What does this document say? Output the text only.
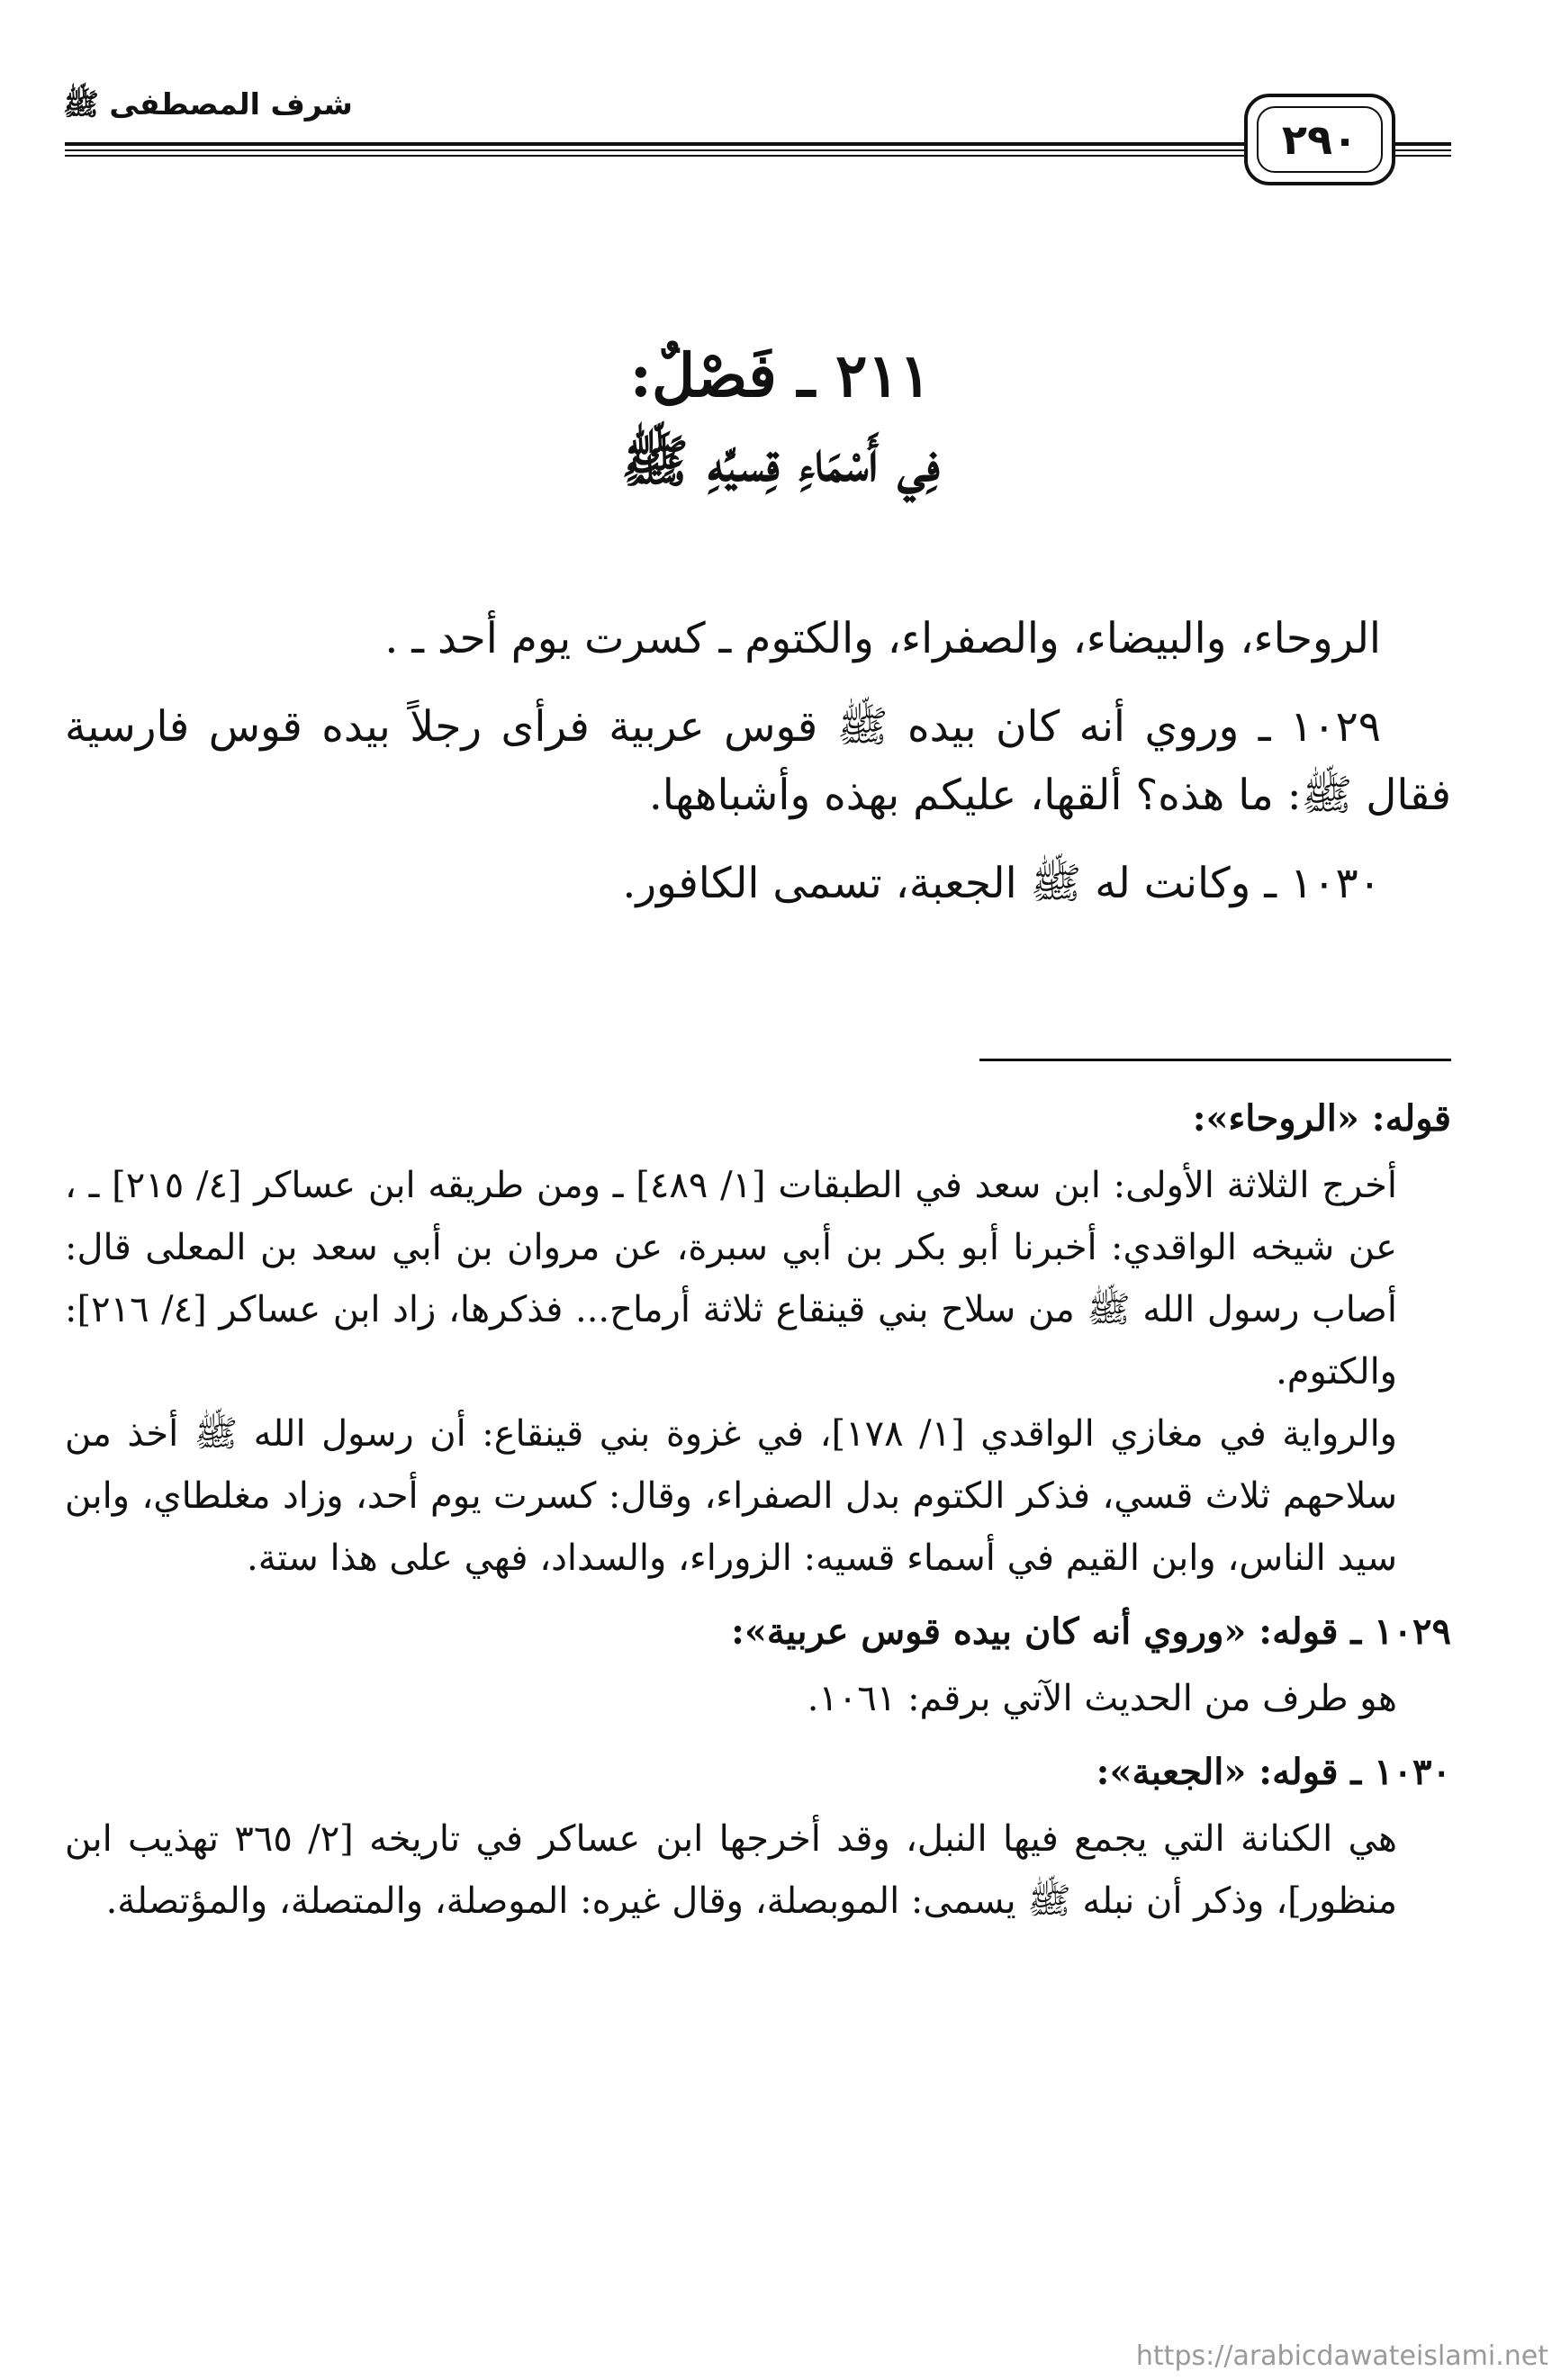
شرف المصطفى ﷺ
٢٩٠
٢١١ ـ فَصْلٌ:
فِي أَسْمَاءِ قِسيِّهِ ﷺ

الروحاء، والبيضاء، والصفراء، والكتوم ـ كسرت يوم أحد ـ .

١٠٢٩ ـ وروي أنه كان بيده ﷺ قوس عربية فرأى رجلاً بيده قوس فارسية فقال ﷺ: ما هذه؟ ألقها، عليكم بهذه وأشباهها.

١٠٣٠ ـ وكانت له ﷺ الجعبة، تسمى الكافور.

قوله: «الروحاء»:

أخرج الثلاثة الأولى: ابن سعد في الطبقات [١/ ٤٨٩] ـ ومن طريقه ابن عساكر [٤/ ٢١٥] ـ ، عن شيخه الواقدي: أخبرنا أبو بكر بن أبي سبرة، عن مروان بن أبي سعد بن المعلى قال: أصاب رسول الله ﷺ من سلاح بني قينقاع ثلاثة أرماح... فذكرها، زاد ابن عساكر [٤/ ٢١٦]: والكتوم.

والرواية في مغازي الواقدي [١/ ١٧٨]، في غزوة بني قينقاع: أن رسول الله ﷺ أخذ من سلاحهم ثلاث قسي، فذكر الكتوم بدل الصفراء، وقال: كسرت يوم أحد، وزاد مغلطاي، وابن سيد الناس، وابن القيم في أسماء قسيه: الزوراء، والسداد، فهي على هذا ستة.

١٠٢٩ ـ قوله: «وروي أنه كان بيده قوس عربية»:

هو طرف من الحديث الآتي برقم: ١٠٦١.

١٠٣٠ ـ قوله: «الجعبة»:

هي الكنانة التي يجمع فيها النبل، وقد أخرجها ابن عساكر في تاريخه [٢/ ٣٦٥ تهذيب ابن منظور]، وذكر أن نبله ﷺ يسمى: الموبصلة، وقال غيره: الموصلة، والمتصلة، والمؤتصلة.

https://arabicdawateislami.net
